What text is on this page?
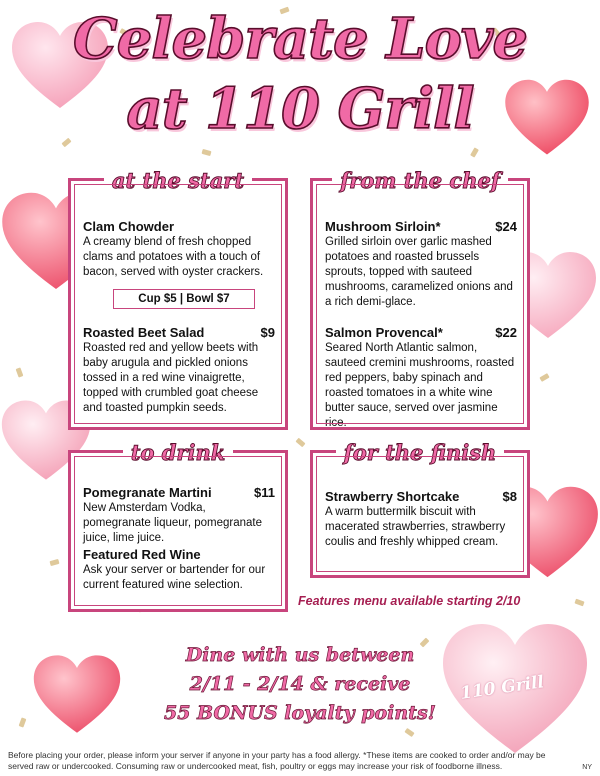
Celebrate Love
at 110 Grill
at the start
Clam Chowder
A creamy blend of fresh chopped clams and potatoes with a touch of bacon, served with oyster crackers.
Cup $5 | Bowl $7
Roasted Beet Salad	$9
Roasted red and yellow beets with baby arugula and pickled onions tossed in a red wine vinaigrette, topped with crumbled goat cheese and toasted pumpkin seeds.
from the chef
Mushroom Sirloin*	$24
Grilled sirloin over garlic mashed potatoes and roasted brussels sprouts, topped with sauteed mushrooms, caramelized onions and a rich demi-glace.
Salmon Provencal*	$22
Seared North Atlantic salmon, sauteed cremini mushrooms, roasted red peppers, baby spinach and roasted tomatoes in a white wine butter sauce, served over jasmine rice.
to drink
Pomegranate Martini	$11
New Amsterdam Vodka, pomegranate liqueur, pomegranate juice, lime juice.
Featured Red Wine
Ask your server or bartender for our current featured wine selection.
for the finish
Strawberry Shortcake	$8
A warm buttermilk biscuit with macerated strawberries, strawberry coulis and freshly whipped cream.
Features menu available starting 2/10
Dine with us between
2/11 - 2/14 & receive
55 BONUS loyalty points!
110 Grill
Before placing your order, please inform your server if anyone in your party has a food allergy. *These items are cooked to order and/or may be served raw or undercooked. Consuming raw or undercooked meat, fish, poultry or eggs may increase your risk of foodborne illness.	NY
